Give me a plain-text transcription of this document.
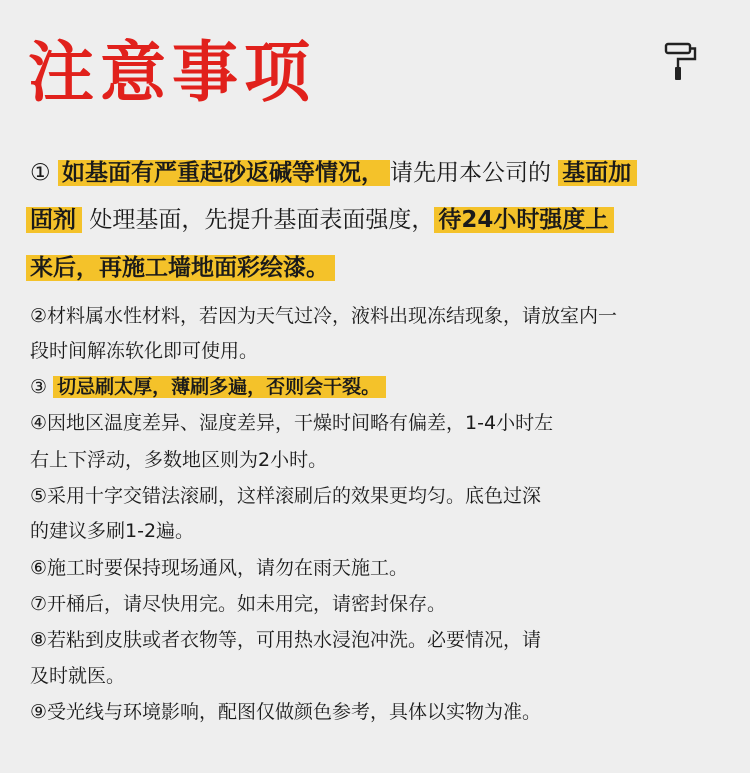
注意事项
① 如基面有严重起砂返碱等情况， 请先用本公司的 基面加
固剂 处理基面，先提升基面表面强度， 待24小时强度上
来后，再施工墙地面彩绘漆。
②材料属水性材料，若因为天气过冷，液料出现冻结现象，请放室内一
段时间解冻软化即可使用。
③ 切忌刷太厚，薄刷多遍，否则会干裂。
④因地区温度差异、湿度差异，干燥时间略有偏差，1-4小时左
右上下浮动，多数地区则为2小时。
⑤采用十字交错法滚刷，这样滚刷后的效果更均匀。底色过深
的建议多刷1-2遍。
⑥施工时要保持现场通风，请勿在雨天施工。
⑦开桶后，请尽快用完。如未用完，请密封保存。
⑧若粘到皮肤或者衣物等，可用热水浸泡冲洗。必要情况，请
及时就医。
⑨受光线与环境影响，配图仅做颜色参考，具体以实物为准。
